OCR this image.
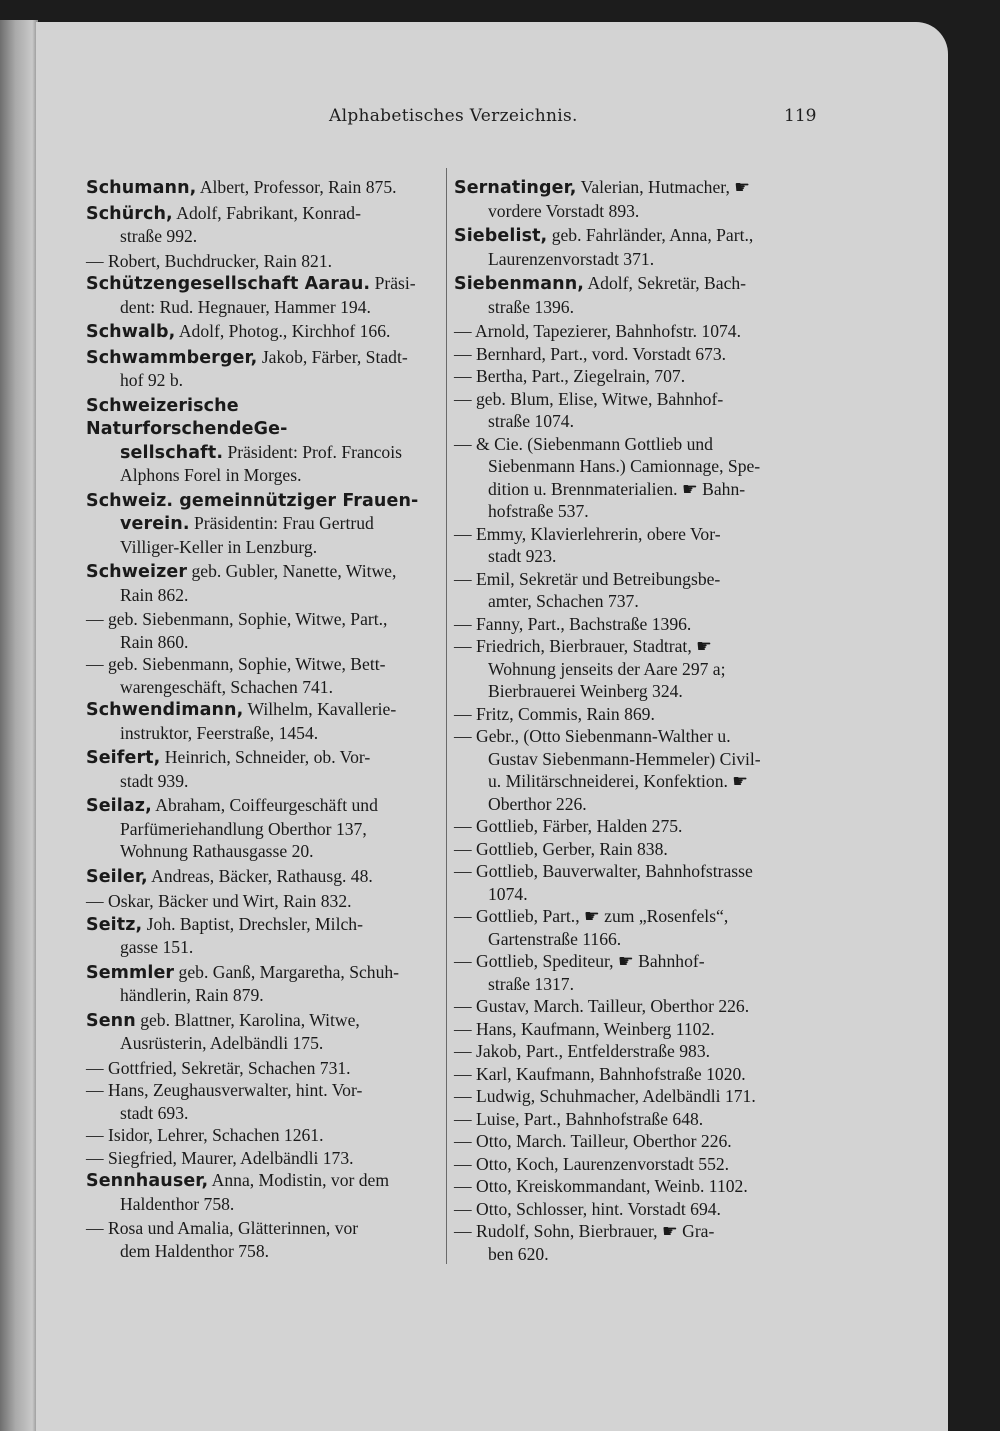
Alphabetisches Verzeichnis.	119
Schumann, Albert, Professor, Rain 875.
Schürch, Adolf, Fabrikant, Konrad-
straße 992.
— Robert, Buchdrucker, Rain 821.
Schützengesellschaft Aarau. Präsi-
dent: Rud. Hegnauer, Hammer 194.
Schwalb, Adolf, Photog., Kirchhof 166.
Schwammberger, Jakob, Färber, Stadt-
hof 92 b.
Schweizerische NaturforschendeGe-
sellschaft. Präsident: Prof. Francois
Alphons Forel in Morges.
Schweiz. gemeinnütziger Frauen-
verein. Präsidentin: Frau Gertrud
Villiger-Keller in Lenzburg.
Schweizer geb. Gubler, Nanette, Witwe,
Rain 862.
— geb. Siebenmann, Sophie, Witwe, Part.,
Rain 860.
— geb. Siebenmann, Sophie, Witwe, Bett-
warengeschäft, Schachen 741.
Schwendimann, Wilhelm, Kavallerie-
instruktor, Feerstraße, 1454.
Seifert, Heinrich, Schneider, ob. Vor-
stadt 939.
Seilaz, Abraham, Coiffeurgeschäft und
Parfümeriehandlung Oberthor 137,
Wohnung Rathausgasse 20.
Seiler, Andreas, Bäcker, Rathausg. 48.
— Oskar, Bäcker und Wirt, Rain 832.
Seitz, Joh. Baptist, Drechsler, Milch-
gasse 151.
Semmler geb. Ganß, Margaretha, Schuh-
händlerin, Rain 879.
Senn geb. Blattner, Karolina, Witwe,
Ausrüsterin, Adelbändli 175.
— Gottfried, Sekretär, Schachen 731.
— Hans, Zeughausverwalter, hint. Vor-
stadt 693.
— Isidor, Lehrer, Schachen 1261.
— Siegfried, Maurer, Adelbändli 173.
Sennhauser, Anna, Modistin, vor dem
Haldenthor 758.
— Rosa und Amalia, Glätterinnen, vor
dem Haldenthor 758.
Sernatinger, Valerian, Hutmacher, ☛
vordere Vorstadt 893.
Siebelist, geb. Fahrländer, Anna, Part.,
Laurenzenvorstadt 371.
Siebenmann, Adolf, Sekretär, Bach-
straße 1396.
— Arnold, Tapezierer, Bahnhofstr. 1074.
— Bernhard, Part., vord. Vorstadt 673.
— Bertha, Part., Ziegelrain, 707.
— geb. Blum, Elise, Witwe, Bahnhof-
straße 1074.
— & Cie. (Siebenmann Gottlieb und
Siebenmann Hans.) Camionnage, Spe-
dition u. Brennmaterialien. ☛ Bahn-
hofstraße 537.
— Emmy, Klavierlehrerin, obere Vor-
stadt 923.
— Emil, Sekretär und Betreibungsbe-
amter, Schachen 737.
— Fanny, Part., Bachstraße 1396.
— Friedrich, Bierbrauer, Stadtrat, ☛
Wohnung jenseits der Aare 297 a;
Bierbrauerei Weinberg 324.
— Fritz, Commis, Rain 869.
— Gebr., (Otto Siebenmann-Walther u.
Gustav Siebenmann-Hemmeler) Civil-
u. Militärschneiderei, Konfektion. ☛
Oberthor 226.
— Gottlieb, Färber, Halden 275.
— Gottlieb, Gerber, Rain 838.
— Gottlieb, Bauverwalter, Bahnhofstrasse
1074.
— Gottlieb, Part., ☛ zum „Rosenfels“,
Gartenstraße 1166.
— Gottlieb, Spediteur, ☛ Bahnhof-
straße 1317.
— Gustav, March. Tailleur, Oberthor 226.
— Hans, Kaufmann, Weinberg 1102.
— Jakob, Part., Entfelderstraße 983.
— Karl, Kaufmann, Bahnhofstraße 1020.
— Ludwig, Schuhmacher, Adelbändli 171.
— Luise, Part., Bahnhofstraße 648.
— Otto, March. Tailleur, Oberthor 226.
— Otto, Koch, Laurenzenvorstadt 552.
— Otto, Kreiskommandant, Weinb. 1102.
— Otto, Schlosser, hint. Vorstadt 694.
— Rudolf, Sohn, Bierbrauer, ☛ Gra-
ben 620.
